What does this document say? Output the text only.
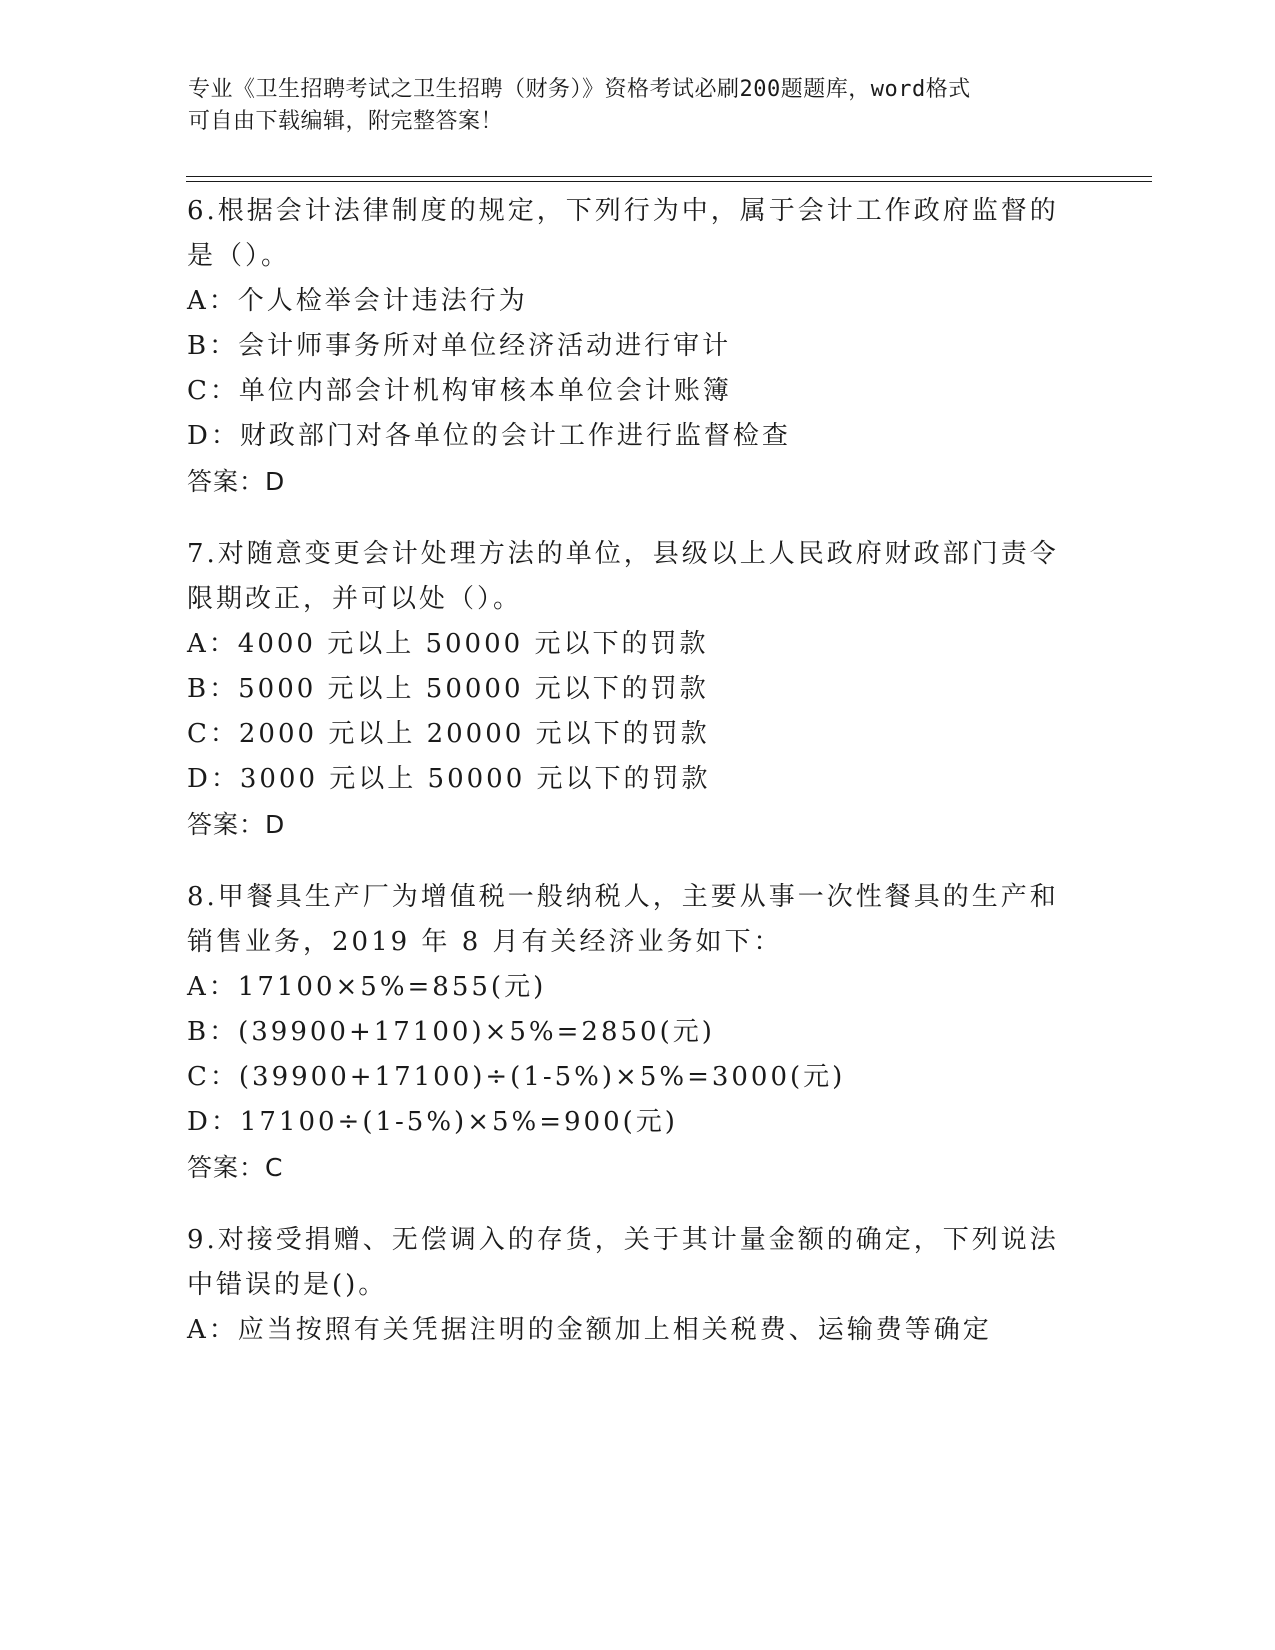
专业《卫生招聘考试之卫生招聘（财务）》资格考试必刷200题题库，word格式
可自由下载编辑，附完整答案！
6.根据会计法律制度的规定，下列行为中，属于会计工作政府监督的
是（）。
A：个人检举会计违法行为
B：会计师事务所对单位经济活动进行审计
C：单位内部会计机构审核本单位会计账簿
D：财政部门对各单位的会计工作进行监督检查
答案：D
7.对随意变更会计处理方法的单位，县级以上人民政府财政部门责令
限期改正，并可以处（）。
A：4000 元以上 50000 元以下的罚款
B：5000 元以上 50000 元以下的罚款
C：2000 元以上 20000 元以下的罚款
D：3000 元以上 50000 元以下的罚款
答案：D
8.甲餐具生产厂为增值税一般纳税人，主要从事一次性餐具的生产和
销售业务，2019 年 8 月有关经济业务如下：
A：17100×5%=855(元)
B：(39900+17100)×5%=2850(元)
C：(39900+17100)÷(1-5%)×5%=3000(元)
D：17100÷(1-5%)×5%=900(元)
答案：C
9.对接受捐赠、无偿调入的存货，关于其计量金额的确定，下列说法
中错误的是()。
A：应当按照有关凭据注明的金额加上相关税费、运输费等确定
